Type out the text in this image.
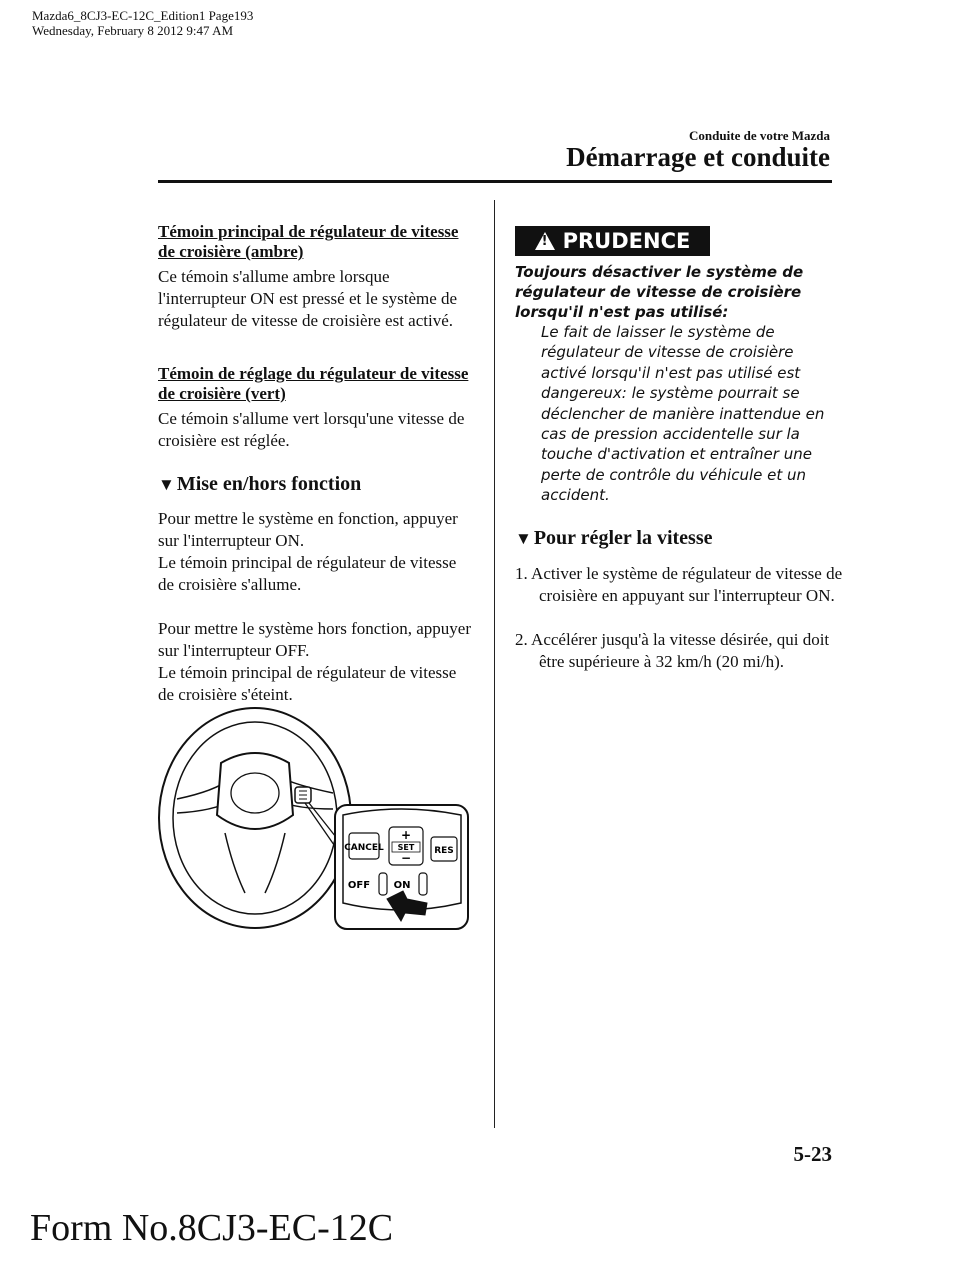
Mazda6_8CJ3-EC-12C_Edition1 Page193
Wednesday, February 8 2012 9:47 AM
Conduite de votre Mazda
Démarrage et conduite
Témoin principal de régulateur de vitesse de croisière (ambre)
Ce témoin s'allume ambre lorsque l'interrupteur ON est pressé et le système de régulateur de vitesse de croisière est activé.
Témoin de réglage du régulateur de vitesse de croisière (vert)
Ce témoin s'allume vert lorsqu'une vitesse de croisière est réglée.
▼ Mise en/hors fonction
Pour mettre le système en fonction, appuyer sur l'interrupteur ON.
Le témoin principal de régulateur de vitesse de croisière s'allume.
Pour mettre le système hors fonction, appuyer sur l'interrupteur OFF.
Le témoin principal de régulateur de vitesse de croisière s'éteint.
CANCEL
+
SET
−	RES
OFF ON
! PRUDENCE
Toujours désactiver le système de régulateur de vitesse de croisière lorsqu'il n'est pas utilisé:
Le fait de laisser le système de régulateur de vitesse de croisière activé lorsqu'il n'est pas utilisé est dangereux: le système pourrait se déclencher de manière inattendue en cas de pression accidentelle sur la touche d'activation et entraîner une perte de contrôle du véhicule et un accident.
▼ Pour régler la vitesse
1. Activer le système de régulateur de vitesse de croisière en appuyant sur l'interrupteur ON.
2. Accélérer jusqu'à la vitesse désirée, qui doit être supérieure à 32 km/h (20 mi/h).
5-23
Form No.8CJ3-EC-12C
carmanualsonline.info
